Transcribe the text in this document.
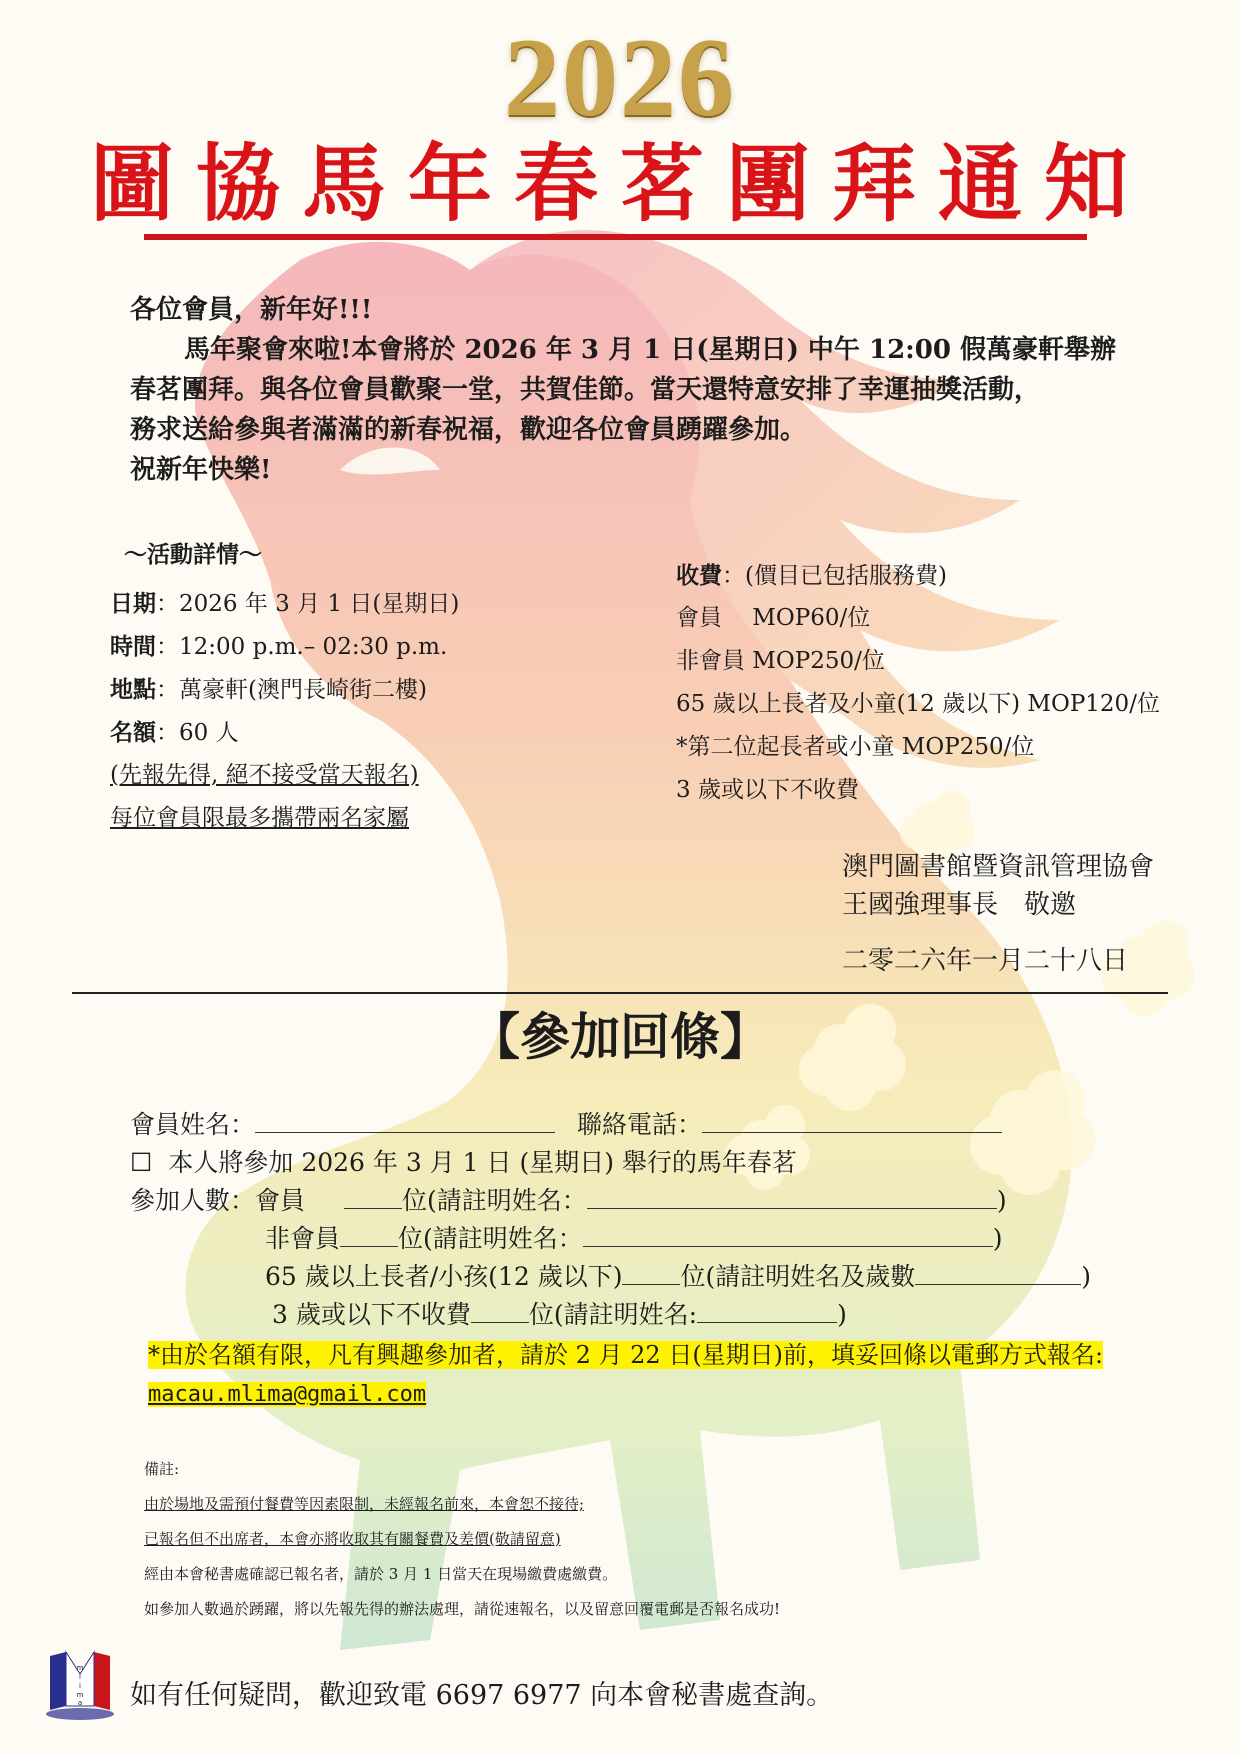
2026
圖協馬年春茗團拜通知

各位會員，新年好!!!

馬年聚會來啦!本會將於 2026 年 3 月 1 日(星期日) 中午 12:00 假萬豪軒舉辦

春茗團拜。與各位會員歡聚一堂，共賀佳節。當天還特意安排了幸運抽獎活動，

務求送給參與者滿滿的新春祝福，歡迎各位會員踴躍參加。

祝新年快樂!

～活動詳情～
日期：2026 年 3 月 1 日(星期日)
時間：12:00 p.m.– 02:30 p.m.
地點：萬豪軒(澳門長崎街二樓)
名額：60 人
(先報先得, 絕不接受當天報名)
每位會員限最多攜帶兩名家屬
收費：(價目已包括服務費)
會員　 MOP60/位
非會員 MOP250/位
65 歲以上長者及小童(12 歲以下) MOP120/位
*第二位起長者或小童 MOP250/位
3 歲或以下不收費
澳門圖書館暨資訊管理協會
王國強理事長　敬邀
二零二六年一月二十八日
【參加回條】
會員姓名：	聯絡電話：
☐ 本人將參加 2026 年 3 月 1 日 (星期日) 舉行的馬年春茗
參加人數：會員　	位(請註明姓名：	)
非會員 位(請註明姓名：	)
65 歲以上長者/小孩(12 歲以下) 位(請註明姓名及歲數	)
3 歲或以下不收費 位(請註明姓名:	)
*由於名額有限，凡有興趣參加者，請於 2 月 22 日(星期日)前，填妥回條以電郵方式報名:
macau.mlima@gmail.com
備註:
由於場地及需預付餐費等因素限制，未經報名前來，本會恕不接待;
已報名但不出席者，本會亦將收取其有關餐費及差價(敬請留意)
經由本會秘書處確認已報名者，請於 3 月 1 日當天在現場繳費處繳費。
如參加人數過於踴躍，將以先報先得的辦法處理，請從速報名，以及留意回覆電郵是否報名成功!
m
l
i
m
a 如有任何疑問，歡迎致電 6697 6977 向本會秘書處查詢。
